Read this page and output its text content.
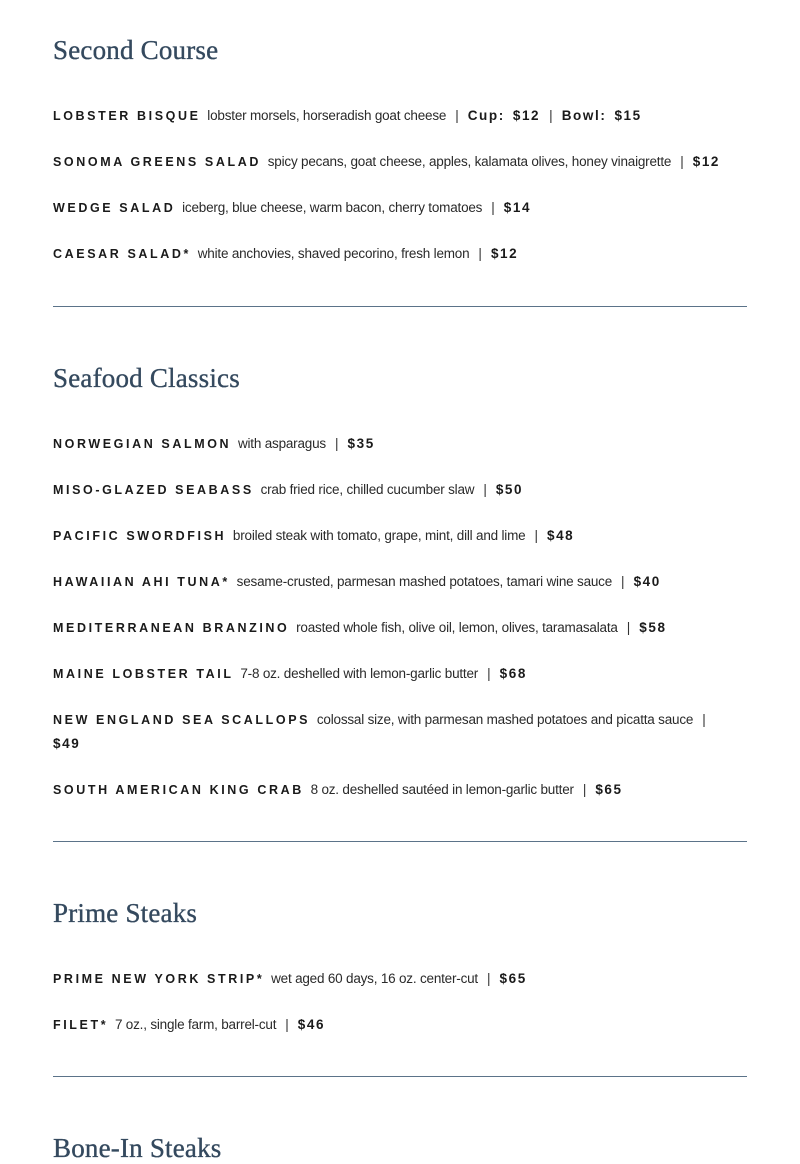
Second Course

LOBSTER BISQUE lobster morsels, horseradish goat cheese | Cup: $12 | Bowl: $15

SONOMA GREENS SALAD spicy pecans, goat cheese, apples, kalamata olives, honey vinaigrette | $12

WEDGE SALAD iceberg, blue cheese, warm bacon, cherry tomatoes | $14

CAESAR SALAD* white anchovies, shaved pecorino, fresh lemon | $12

Seafood Classics

NORWEGIAN SALMON with asparagus | $35

MISO-GLAZED SEABASS crab fried rice, chilled cucumber slaw | $50

PACIFIC SWORDFISH broiled steak with tomato, grape, mint, dill and lime | $48

HAWAIIAN AHI TUNA* sesame-crusted, parmesan mashed potatoes, tamari wine sauce | $40

MEDITERRANEAN BRANZINO roasted whole fish, olive oil, lemon, olives, taramasalata | $58

MAINE LOBSTER TAIL 7-8 oz. deshelled with lemon-garlic butter | $68

NEW ENGLAND SEA SCALLOPS colossal size, with parmesan mashed potatoes and picatta sauce |
$49

SOUTH AMERICAN KING CRAB 8 oz. deshelled sautéed in lemon-garlic butter | $65

Prime Steaks

PRIME NEW YORK STRIP* wet aged 60 days, 16 oz. center-cut | $65

FILET* 7 oz., single farm, barrel-cut | $46

Bone-In Steaks
